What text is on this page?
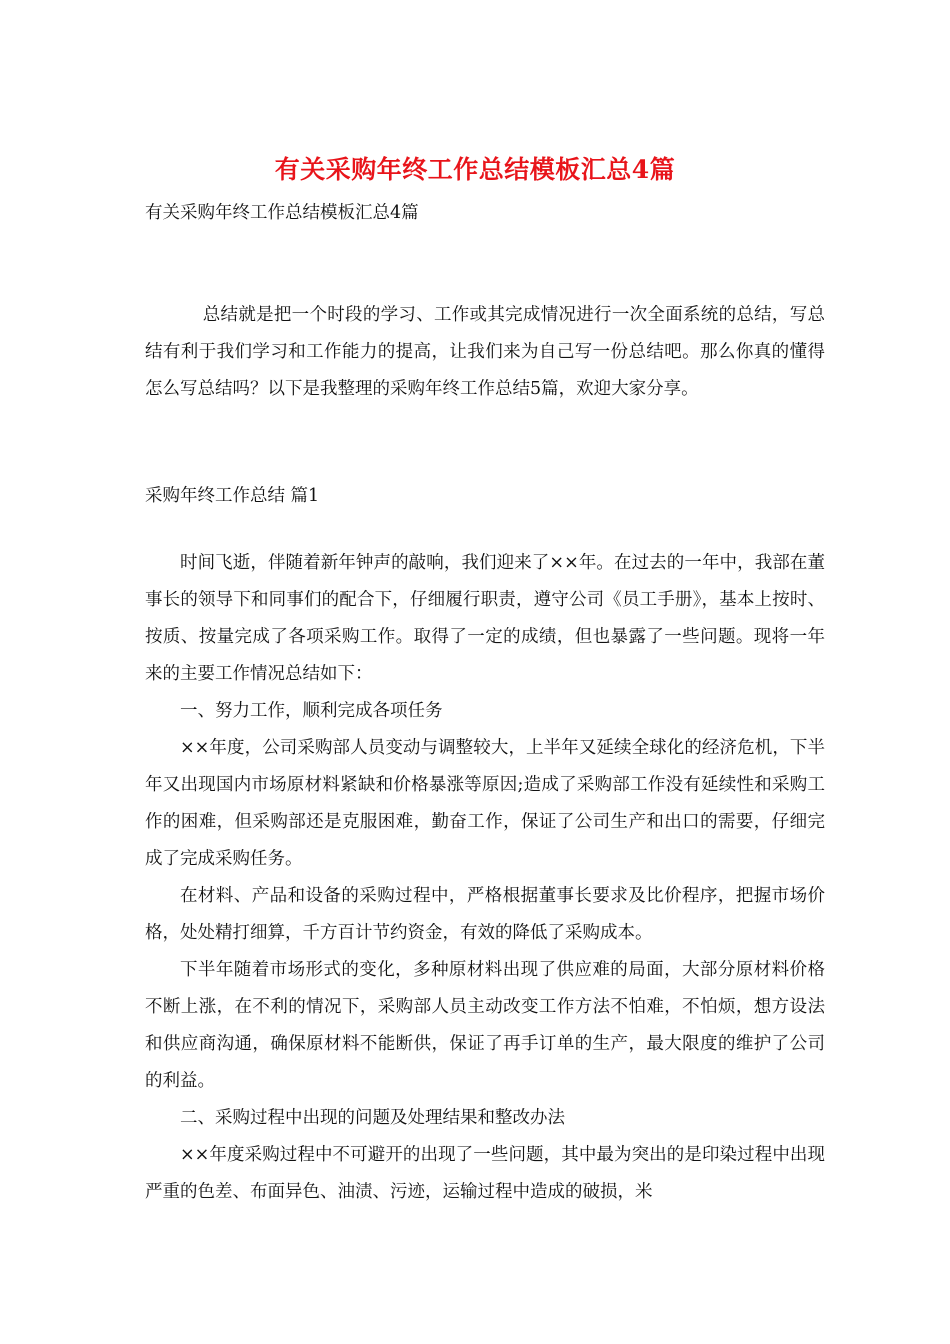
有关采购年终工作总结模板汇总4篇
有关采购年终工作总结模板汇总4篇

总结就是把一个时段的学习、工作或其完成情况进行一次全面系统的总结，写总结有利于我们学习和工作能力的提高，让我们来为自己写一份总结吧。那么你真的懂得怎么写总结吗？以下是我整理的采购年终工作总结5篇，欢迎大家分享。

采购年终工作总结 篇1

时间飞逝，伴随着新年钟声的敲响，我们迎来了××年。在过去的一年中，我部在董事长的领导下和同事们的配合下，仔细履行职责，遵守公司《员工手册》，基本上按时、按质、按量完成了各项采购工作。取得了一定的成绩，但也暴露了一些问题。现将一年来的主要工作情况总结如下：

一、努力工作，顺利完成各项任务

××年度，公司采购部人员变动与调整较大，上半年又延续全球化的经济危机，下半年又出现国内市场原材料紧缺和价格暴涨等原因;造成了采购部工作没有延续性和采购工作的困难，但采购部还是克服困难，勤奋工作，保证了公司生产和出口的需要，仔细完成了完成采购任务。

在材料、产品和设备的采购过程中，严格根据董事长要求及比价程序，把握市场价格，处处精打细算，千方百计节约资金，有效的降低了采购成本。

下半年随着市场形式的变化，多种原材料出现了供应难的局面，大部分原材料价格不断上涨，在不利的情况下，采购部人员主动改变工作方法不怕难，不怕烦，想方设法和供应商沟通，确保原材料不能断供，保证了再手订单的生产，最大限度的维护了公司的利益。

二、采购过程中出现的问题及处理结果和整改办法

××年度采购过程中不可避开的出现了一些问题，其中最为突出的是印染过程中出现严重的色差、布面异色、油渍、污迹，运输过程中造成的破损，米
